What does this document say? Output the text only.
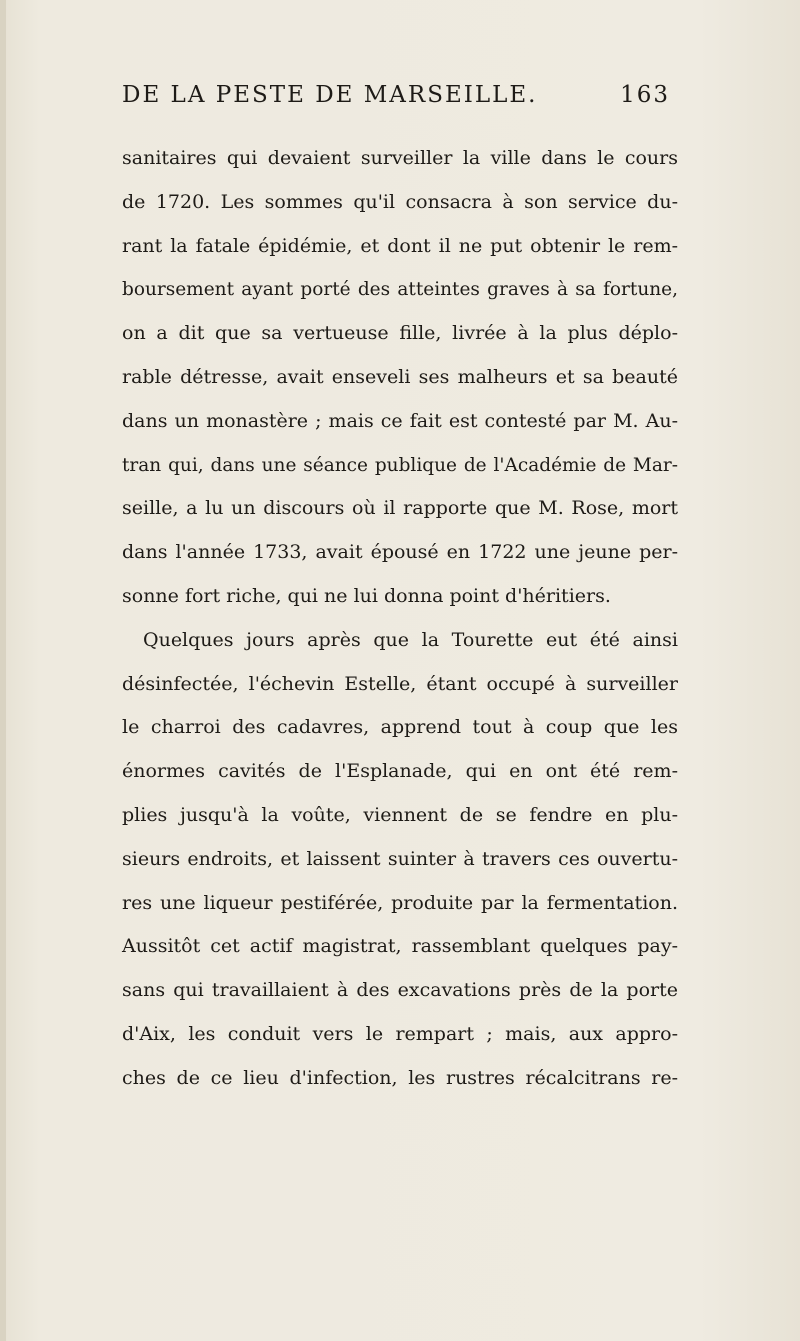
DE LA PESTE DE MARSEILLE.	163
sanitaires qui devaient surveiller la ville dans le cours
de 1720. Les sommes qu'il consacra à son service du-
rant la fatale épidémie, et dont il ne put obtenir le rem-
boursement ayant porté des atteintes graves à sa fortune,
on a dit que sa vertueuse fille, livrée à la plus déplo-
rable détresse, avait enseveli ses malheurs et sa beauté
dans un monastère ; mais ce fait est contesté par M. Au-
tran qui, dans une séance publique de l'Académie de Mar-
seille, a lu un discours où il rapporte que M. Rose, mort
dans l'année 1733, avait épousé en 1722 une jeune per-
sonne fort riche, qui ne lui donna point d'héritiers.
Quelques jours après que la Tourette eut été ainsi
désinfectée, l'échevin Estelle, étant occupé à surveiller
le charroi des cadavres, apprend tout à coup que les
énormes cavités de l'Esplanade, qui en ont été rem-
plies jusqu'à la voûte, viennent de se fendre en plu-
sieurs endroits, et laissent suinter à travers ces ouvertu-
res une liqueur pestiférée, produite par la fermentation.
Aussitôt cet actif magistrat, rassemblant quelques pay-
sans qui travaillaient à des excavations près de la porte
d'Aix, les conduit vers le rempart ; mais, aux appro-
ches de ce lieu d'infection, les rustres récalcitrans re-
